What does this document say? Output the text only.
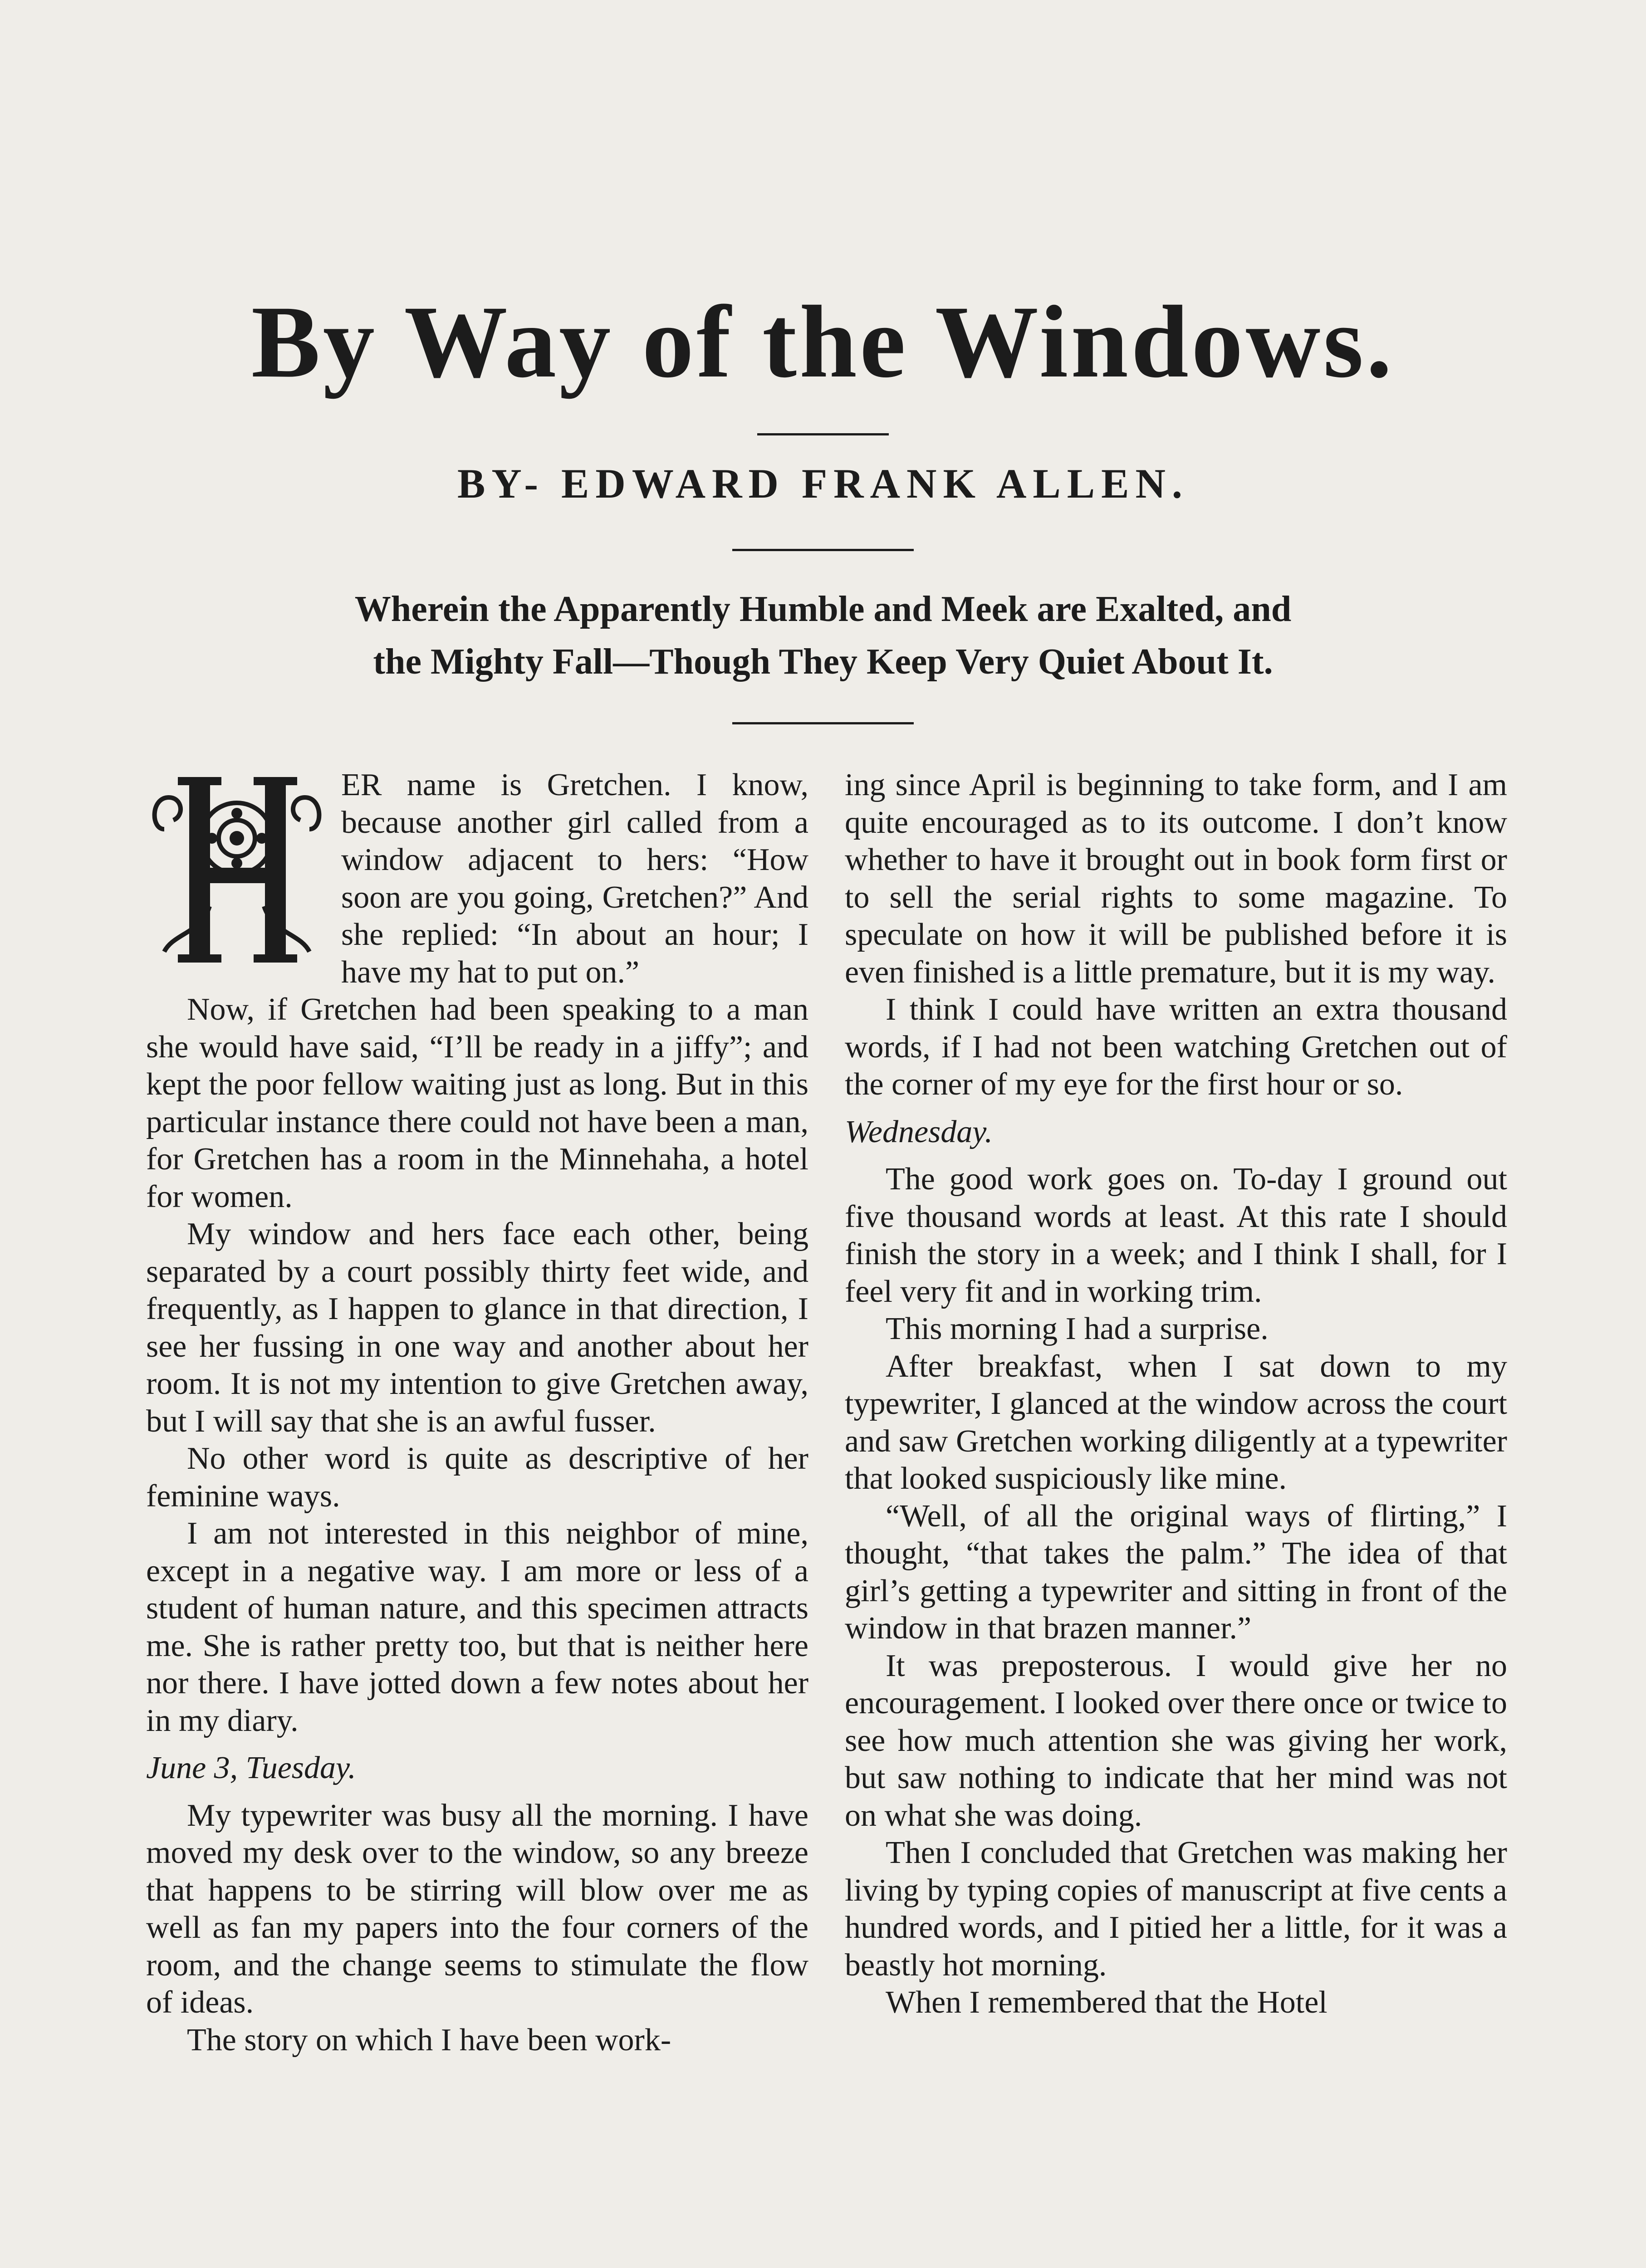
By Way of the Windows.
BY- EDWARD FRANK ALLEN.
Wherein the Apparently Humble and Meek are Exalted, and
the Mighty Fall—Though They Keep Very Quiet About It.
H

ER name is Gretchen. I know, because another girl called from a window adjacent to hers: “How soon are you going, Gretchen?” And she replied: “In about an hour; I have my hat to put on.”

Now, if Gretchen had been speaking to a man she would have said, “I’ll be ready in a jiffy”; and kept the poor fellow waiting just as long. But in this particular instance there could not have been a man, for Gretchen has a room in the Minnehaha, a hotel for women.

My window and hers face each other, being separated by a court possibly thirty feet wide, and frequently, as I happen to glance in that direction, I see her fussing in one way and another about her room. It is not my intention to give Gretchen away, but I will say that she is an awful fusser.

No other word is quite as descriptive of her feminine ways.

I am not interested in this neighbor of mine, except in a negative way. I am more or less of a student of human nature, and this specimen attracts me. She is rather pretty too, but that is neither here nor there. I have jotted down a few notes about her in my diary.

June 3, Tuesday.

My typewriter was busy all the morning. I have moved my desk over to the window, so any breeze that happens to be stirring will blow over me as well as fan my papers into the four corners of the room, and the change seems to stimulate the flow of ideas.

The story on which I have been work-

ing since April is beginning to take form, and I am quite encouraged as to its outcome. I don’t know whether to have it brought out in book form first or to sell the serial rights to some magazine. To speculate on how it will be published before it is even finished is a little premature, but it is my way.

I think I could have written an extra thousand words, if I had not been watching Gretchen out of the corner of my eye for the first hour or so.

Wednesday.

The good work goes on. To-day I ground out five thousand words at least. At this rate I should finish the story in a week; and I think I shall, for I feel very fit and in working trim.

This morning I had a surprise.

After breakfast, when I sat down to my typewriter, I glanced at the window across the court and saw Gretchen working diligently at a typewriter that looked suspiciously like mine.

“Well, of all the original ways of flirting,” I thought, “that takes the palm.” The idea of that girl’s getting a typewriter and sitting in front of the window in that brazen manner.”

It was preposterous. I would give her no encouragement. I looked over there once or twice to see how much attention she was giving her work, but saw nothing to indicate that her mind was not on what she was doing.

Then I concluded that Gretchen was making her living by typing copies of manuscript at five cents a hundred words, and I pitied her a little, for it was a beastly hot morning.

When I remembered that the Hotel
